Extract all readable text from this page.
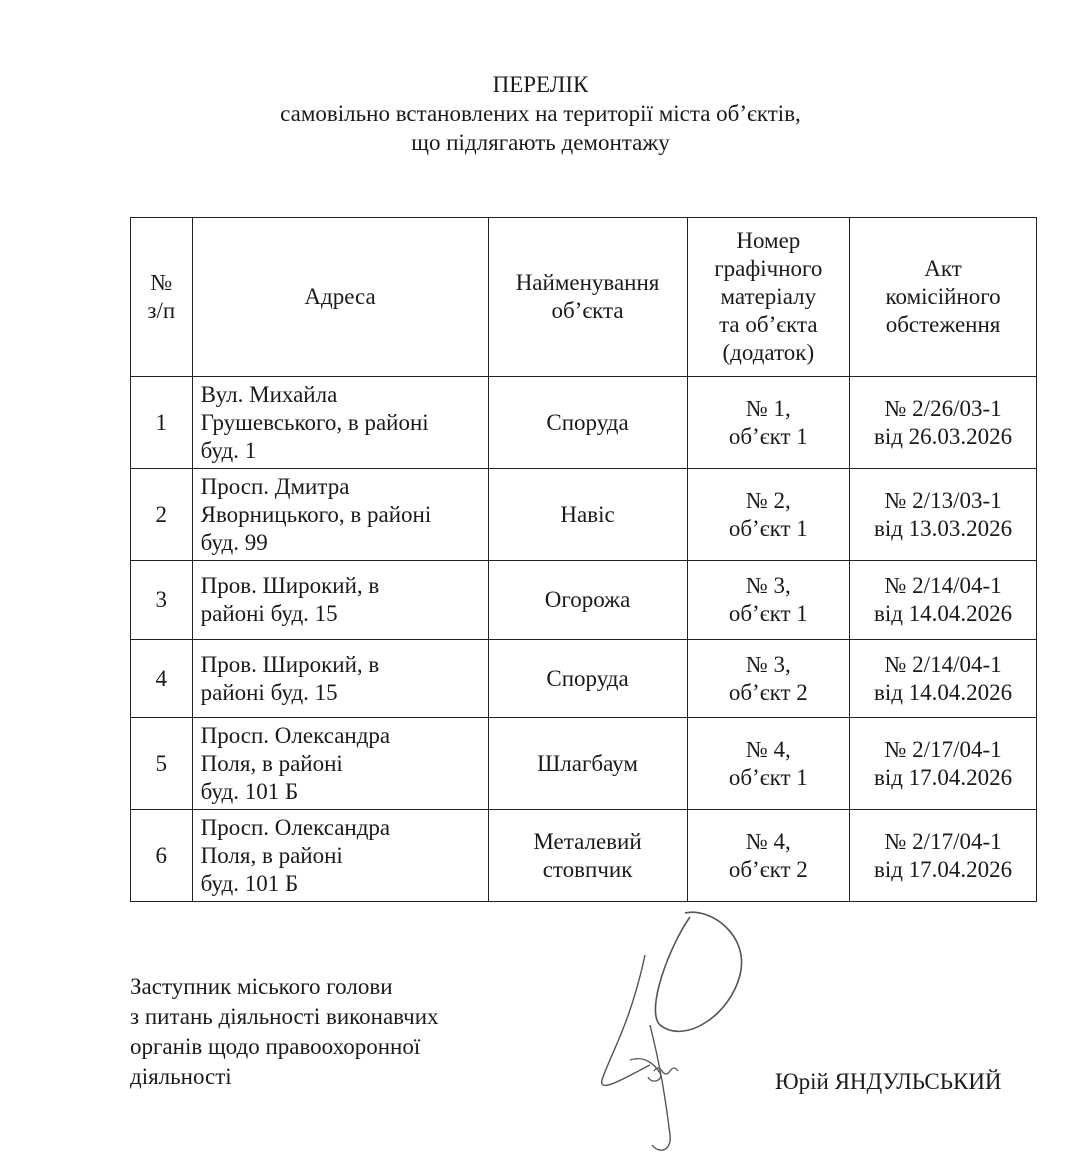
ПЕРЕЛІК
самовільно встановлених на території міста об’єктів,
що підлягають демонтажу
№
з/п	Адреса	Найменування
об’єкта	Номер
графічного
матеріалу
та об’єкта
(додаток)	Акт
комісійного
обстеження

1	Вул. Михайла
Грушевського, в районі
буд. 1	Споруда	№ 1,
об’єкт 1	№ 2/26/03-1
від 26.03.2026

2	Просп. Дмитра
Яворницького, в районі
буд. 99	Навіс	№ 2,
об’єкт 1	№ 2/13/03-1
від 13.03.2026

3	Пров. Широкий, в
районі буд. 15	Огорожа	№ 3,
об’єкт 1	№ 2/14/04-1
від 14.04.2026

4	Пров. Широкий, в
районі буд. 15	Споруда	№ 3,
об’єкт 2	№ 2/14/04-1
від 14.04.2026

5	Просп. Олександра
Поля, в районі
буд. 101 Б	Шлагбаум	№ 4,
об’єкт 1	№ 2/17/04-1
від 17.04.2026

6	Просп. Олександра
Поля, в районі
буд. 101 Б	Металевий
стовпчик	№ 4,
об’єкт 2	№ 2/17/04-1
від 17.04.2026
Заступник міського голови
з питань діяльності виконавчих
органів щодо правоохоронної
діяльності	Юрій ЯНДУЛЬСЬКИЙ
